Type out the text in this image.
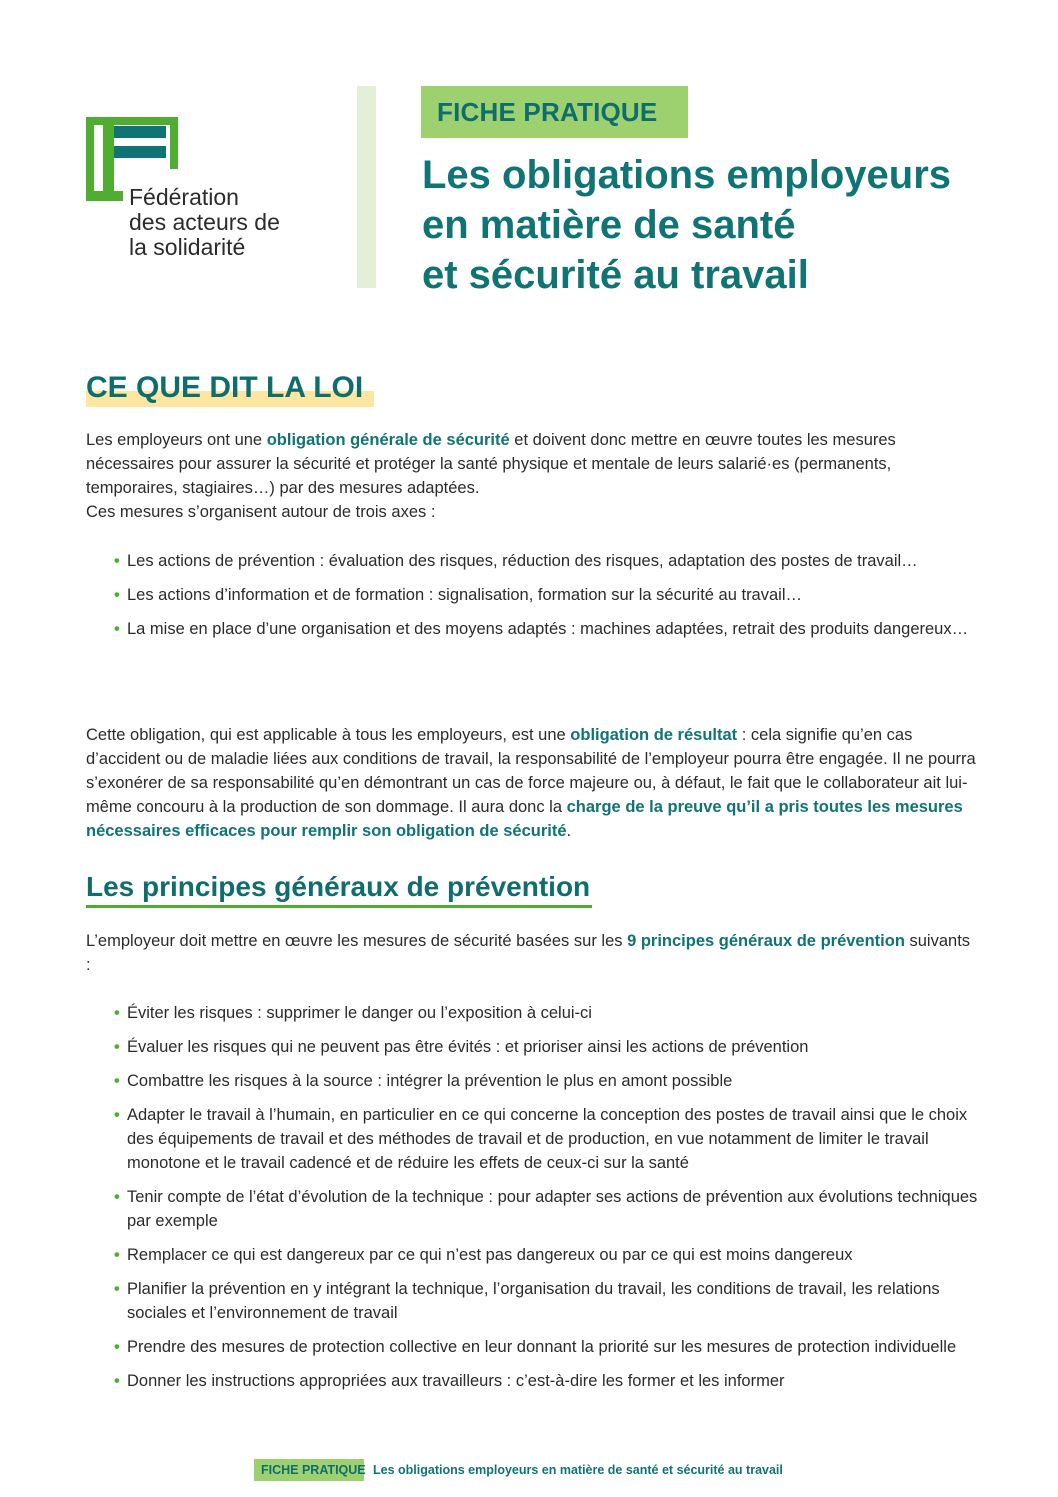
Fédération
des acteurs de
la solidarité
FICHE PRATIQUE
Les obligations employeurs
en matière de santé
et sécurité au travail
CE QUE DIT LA LOI

Les employeurs ont une obligation générale de sécurité et doivent donc mettre en œuvre toutes les mesures nécessaires pour assurer la sécurité et protéger la santé physique et mentale de leurs salarié·es (permanents, temporaires, stagiaires…) par des mesures adaptées.
Ces mesures s’organisent autour de trois axes :

• Les actions de prévention : évaluation des risques, réduction des risques, adaptation des postes de travail…
• Les actions d’information et de formation : signalisation, formation sur la sécurité au travail…
• La mise en place d’une organisation et des moyens adaptés : machines adaptées, retrait des produits dangereux…

Cette obligation, qui est applicable à tous les employeurs, est une obligation de résultat : cela signifie qu’en cas d’accident ou de maladie liées aux conditions de travail, la responsabilité de l’employeur pourra être engagée. Il ne pourra s’exonérer de sa responsabilité qu’en démontrant un cas de force majeure ou, à défaut, le fait que le collaborateur ait lui-même concouru à la production de son dommage. Il aura donc la charge de la preuve qu’il a pris toutes les mesures nécessaires efficaces pour remplir son obligation de sécurité.

Les principes généraux de prévention

L’employeur doit mettre en œuvre les mesures de sécurité basées sur les 9 principes généraux de prévention suivants :

• Éviter les risques : supprimer le danger ou l’exposition à celui-ci
• Évaluer les risques qui ne peuvent pas être évités : et prioriser ainsi les actions de prévention
• Combattre les risques à la source : intégrer la prévention le plus en amont possible
• Adapter le travail à l’humain, en particulier en ce qui concerne la conception des postes de travail ainsi que le choix des équipements de travail et des méthodes de travail et de production, en vue notamment de limiter le travail monotone et le travail cadencé et de réduire les effets de ceux-ci sur la santé
• Tenir compte de l’état d’évolution de la technique : pour adapter ses actions de prévention aux évolutions techniques par exemple
• Remplacer ce qui est dangereux par ce qui n’est pas dangereux ou par ce qui est moins dangereux
• Planifier la prévention en y intégrant la technique, l’organisation du travail, les conditions de travail, les relations sociales et l’environnement de travail
• Prendre des mesures de protection collective en leur donnant la priorité sur les mesures de protection individuelle
• Donner les instructions appropriées aux travailleurs : c’est-à-dire les former et les informer
FICHE PRATIQUE Les obligations employeurs en matière de santé et sécurité au travail
